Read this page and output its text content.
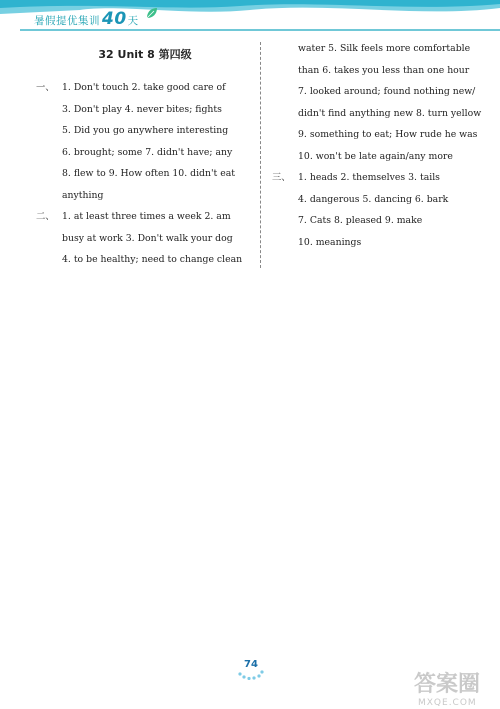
暑假提优集训 40 天
32 Unit 8 第四级
一、 1. Don't touch 2. take good care of
3. Don't play 4. never bites; fights
5. Did you go anywhere interesting
6. brought; some 7. didn't have; any
8. flew to 9. How often 10. didn't eat
anything
二、 1. at least three times a week 2. am
busy at work 3. Don't walk your dog
4. to be healthy; need to change clean
water 5. Silk feels more comfortable
than 6. takes you less than one hour
7. looked around; found nothing new/
didn't find anything new 8. turn yellow
9. something to eat; How rude he was
10. won't be late again/any more
三、 1. heads 2. themselves 3. tails
4. dangerous 5. dancing 6. bark
7. Cats 8. pleased 9. make
10. meanings
74
答案圈
MXQE.COM
